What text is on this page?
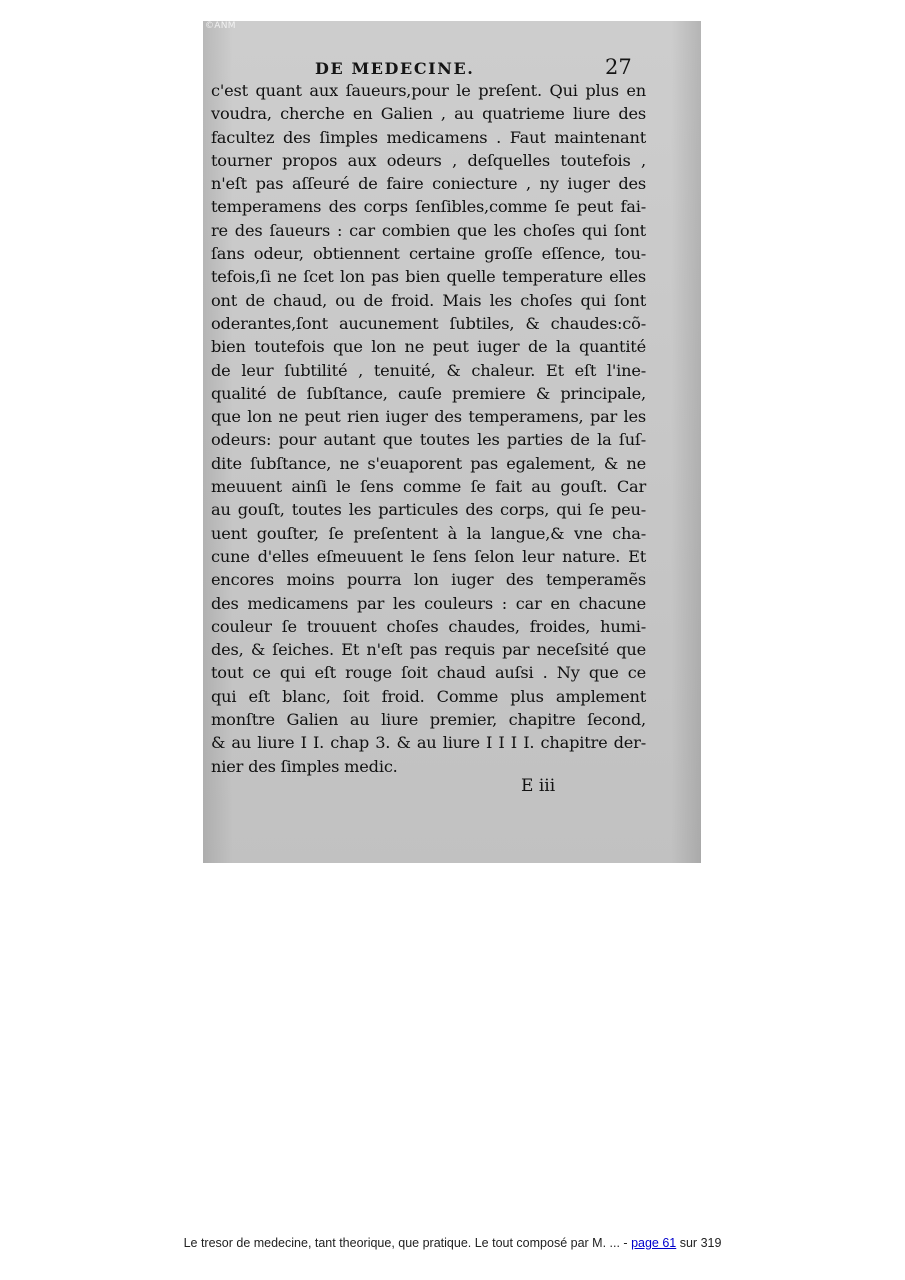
©ANM
DE MEDECINE.	27
c'est quant aux ſaueurs,pour le preſent. Qui plus en
voudra, cherche en Galien , au quatrieme liure des
facultez des ſimples medicamens . Faut maintenant
tourner propos aux odeurs , deſquelles toutefois ,
n'eſt pas aſſeuré de faire coniecture , ny iuger des
temperamens des corps ſenſibles,comme ſe peut fai-
re des ſaueurs : car combien que les choſes qui ſont
ſans odeur, obtiennent certaine groſſe eſſence, tou-
tefois,ſi ne ſcet lon pas bien quelle temperature elles
ont de chaud, ou de froid. Mais les choſes qui ſont
oderantes,ſont aucunement ſubtiles, & chaudes:cõ-
bien toutefois que lon ne peut iuger de la quantité
de leur ſubtilité , tenuité, & chaleur. Et eſt l'ine-
qualité de ſubſtance, cauſe premiere & principale,
que lon ne peut rien iuger des temperamens, par les
odeurs: pour autant que toutes les parties de la ſuſ-
dite ſubſtance, ne s'euaporent pas egalement, & ne
meuuent ainſi le ſens comme ſe fait au gouſt. Car
au gouſt, toutes les particules des corps, qui ſe peu-
uent gouſter, ſe preſentent à la langue,& vne cha-
cune d'elles eſmeuuent le ſens ſelon leur nature. Et
encores moins pourra lon iuger des temperamẽs
des medicamens par les couleurs : car en chacune
couleur ſe trouuent choſes chaudes, froides, humi-
des, & ſeiches. Et n'eſt pas requis par neceſsité que
tout ce qui eſt rouge ſoit chaud auſsi . Ny que ce
qui eſt blanc, ſoit froid. Comme plus amplement
monſtre Galien au liure premier, chapitre ſecond,
& au liure I I. chap 3. & au liure I I I I. chapitre der-
nier des ſimples medic.
E iii
Le tresor de medecine, tant theorique, que pratique. Le tout composé par M. ... - page 61 sur 319
